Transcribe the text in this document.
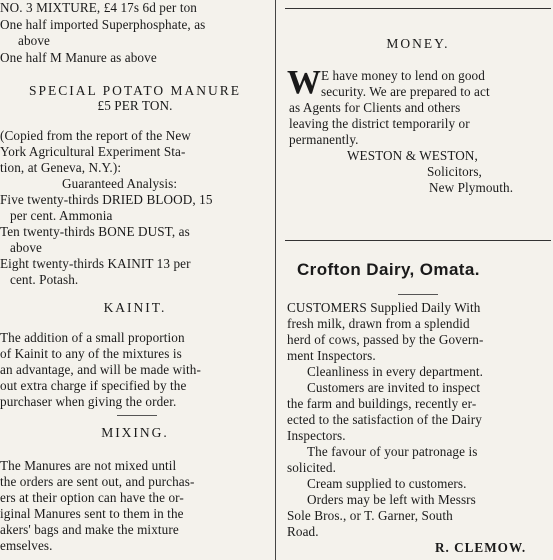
NO. 3 MIXTURE, £4 17s 6d per ton
One half imported Superphosphate, as
above
One half M Manure as above
SPECIAL POTATO MANURE
£5 PER TON.
(Copied from the report of the New
York Agricultural Experiment Sta-
tion, at Geneva, N.Y.):
Guaranteed Analysis:
Five twenty-thirds DRIED BLOOD, 15
per cent. Ammonia
Ten twenty-thirds BONE DUST, as
above
Eight twenty-thirds KAINIT 13 per
cent. Potash.
KAINIT.
The addition of a small proportion
of Kainit to any of the mixtures is
an advantage, and will be made with-
out extra charge if specified by the
purchaser when giving the order.
MIXING.
The Manures are not mixed until
the orders are sent out, and purchas-
ers at their option can have the or-
iginal Manures sent to them in the
akers' bags and make the mixture
emselves.
MONEY.
W E have money to lend on good
security. We are prepared to act
as Agents for Clients and others
leaving the district temporarily or
permanently.
WESTON & WESTON,
Solicitors,
New Plymouth.
Crofton Dairy, Omata.
CUSTOMERS Supplied Daily With
fresh milk, drawn from a splendid
herd of cows, passed by the Govern-
ment Inspectors.
Cleanliness in every department.
Customers are invited to inspect
the farm and buildings, recently er-
ected to the satisfaction of the Dairy
Inspectors.
The favour of your patronage is
solicited.
Cream supplied to customers.
Orders may be left with Messrs
Sole Bros., or T. Garner, South
Road.
R. CLEMOW.
